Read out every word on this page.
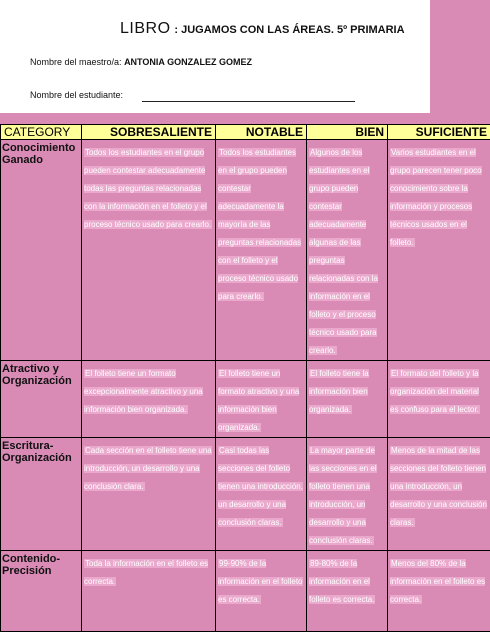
LIBRO : JUGAMOS CON LAS ÁREAS. 5º PRIMARIA
Nombre del maestro/a: ANTONIA GONZALEZ GOMEZ
Nombre del estudiante:
CATEGORY	SOBRESALIENTE	NOTABLE	BIEN	SUFICIENTE
Conocimiento Ganado	Todos los estudiantes en el grupo pueden contestar adecuadamente todas las preguntas relacionadas con la información en el folleto y el proceso técnico usado para crearlo.	Todos los estudiantes en el grupo pueden contestar adecuadamente la mayoría de las preguntas relacionadas con el folleto y el proceso técnico usado para crearlo.	Algunos de los estudiantes en el grupo pueden contestar adecuadamente algunas de las preguntas relacionadas con la información en el folleto y el proceso técnico usado para crearlo.	Varios estudiantes en el grupo parecen tener poco conocimiento sobre la información y procesos técnicos usados en el folleto.
Atractivo y Organización	El folleto tiene un formato excepcionalmente atractivo y una información bien organizada.	El folleto tiene un formato atractivo y una información bien organizada.	El folleto tiene la información bien organizada.	El formato del folleto y la organización del material es confuso para el lector.
Escritura- Organización	Cada sección en el folleto tiene una introducción, un desarrollo y una conclusión clara.	Casi todas las secciones del folleto tienen una introducción, un desarrollo y una conclusión claras.	La mayor parte de las secciones en el folleto tienen una introducción, un desarrollo y una conclusión claras.	Menos de la mitad de las secciones del folleto tienen una introducción, un desarrollo y una conclusión claras.
Contenido- Precisión	Toda la información en el folleto es correcta.	99-90% de la información en el folleto es correcta.	89-80% de la información en el folleto es correcta.	Menos del 80% de la información en el folleto es correcta.
